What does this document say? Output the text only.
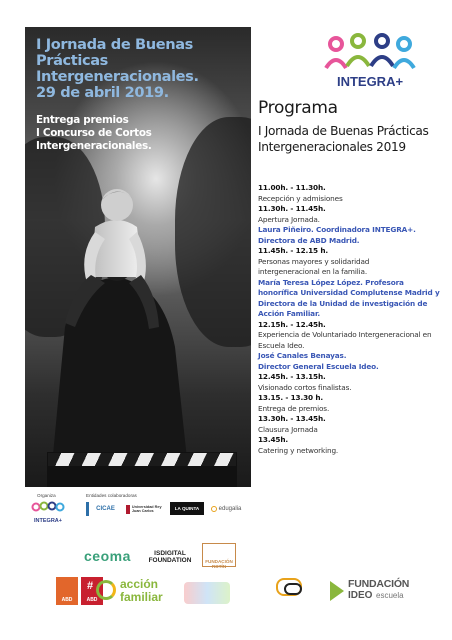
I Jornada de Buenas
Prácticas Intergeneracionales.
29 de abril 2019.
Entrega premios
I Concurso de Cortos Intergeneracionales.
INTEGRA+
Programa
I Jornada de Buenas Prácticas
Intergeneracionales 2019
11.00h. - 11.30h.
Recepción y admisiones
11.30h. - 11.45h.
Apertura Jornada.
Laura Piñeiro. Coordinadora INTEGRA+.
Directora de ABD Madrid.
11.45h. - 12.15 h.
Personas mayores y solidaridad
intergeneracional en la familia.
María Teresa López López. Profesora
honorífica Universidad Complutense Madrid y
Directora de la Unidad de investigación de
Acción Familiar.
12.15h. - 12.45h.
Experiencia de Voluntariado Intergeneracional en
Escuela Ideo.
José Canales Benayas.
Director General Escuela Ideo.
12.45h. - 13.15h.
Visionado cortos finalistas.
13.15. - 13.30 h.
Entrega de premios.
13.30h. - 13.45h.
Clausura Jornada
13.45h.
Catering y networking.
Organiza
INTEGRA+
Entidades colaboradoras
CICAE	Universidad Rey Juan Carlos	LA QUINTA	edugalia
ceoma	ISDIGITAL FOUNDATION	FUNDACIÓN ROTÍN
ABD
#
ABD
acción
familiar
FUNDACIÓN
IDEO escuela
